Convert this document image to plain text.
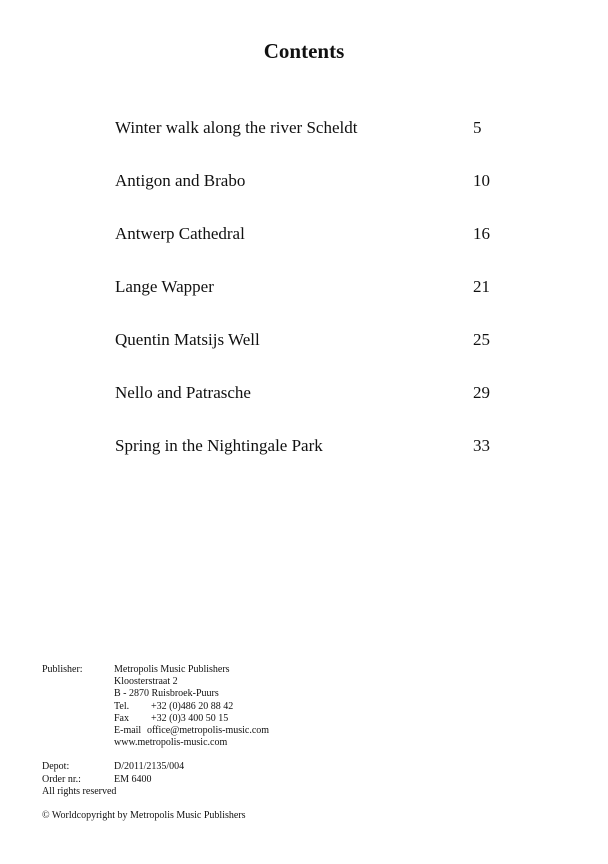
Contents
Winter walk along the river Scheldt	5
Antigon and Brabo	10
Antwerp Cathedral	16
Lange Wapper	21
Quentin Matsijs Well	25
Nello and Patrasche	29
Spring in the Nightingale Park	33
Publisher:	Metropolis Music Publishers
Kloosterstraat 2
B - 2870 Ruisbroek-Puurs
Tel. +32 (0)486 20 88 42
Fax +32 (0)3 400 50 15
E-mail office@metropolis-music.com
www.metropolis-music.com
Depot:	D/2011/2135/004
Order nr.:	EM 6400
All rights reserved
© Worldcopyright by Metropolis Music Publishers
